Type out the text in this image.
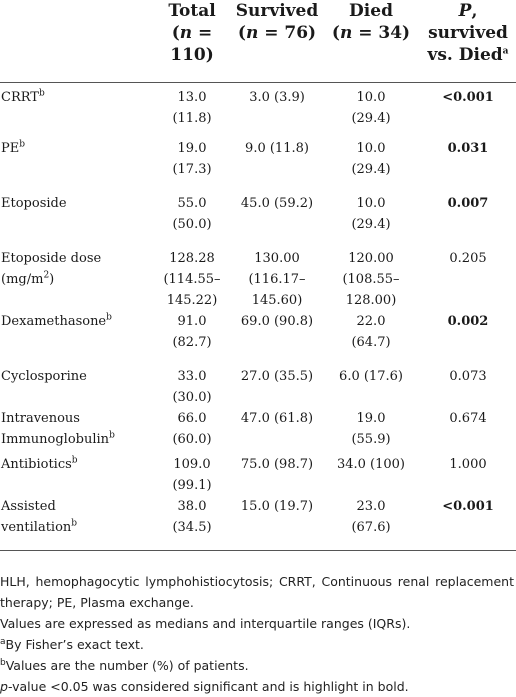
	Total
(n =
110)	Survived
(n = 76)	Died
(n = 34)	P,
survived
vs. Died$^a$
CRRT$^b$	13.0
(11.8)	3.0 (3.9)	10.0
(29.4)	<0.001
$PE^b$	19.0
(17.3)	9.0 (11.8)	10.0
(29.4)	0.031
Etoposide	55.0
(50.0)	45.0 (59.2)	10.0
(29.4)	0.007
Etoposide dose
$(mg/m^2)$	128.28
(114.55–
145.22)	130.00
(116.17–
145.60)	120.00
(108.55–
128.00)	0.205
Dexamethasone$^b$	91.0
(82.7)	69.0 (90.8)	22.0
(64.7)	0.002
Cyclosporine	33.0
(30.0)	27.0 (35.5)	6.0 (17.6)	0.073
Intravenous
Immunoglobulin$^b$	66.0
(60.0)	47.0 (61.8)	19.0
(55.9)	0.674
Antibiotics$^b$	109.0
(99.1)	75.0 (98.7)	34.0 (100)	1.000
Assisted
ventilation$^b$	38.0
(34.5)	15.0 (19.7)	23.0
(67.6)	<0.001
HLH, hemophagocytic lymphohistiocytosis; CRRT, Continuous renal replacement therapy; PE, Plasma exchange.
Values are expressed as medians and interquartile ranges (IQRs).
$^a$By Fisher’s exact text.
$^b$Values are the number (%) of patients.
p-value <0.05 was considered significant and is highlight in bold.
